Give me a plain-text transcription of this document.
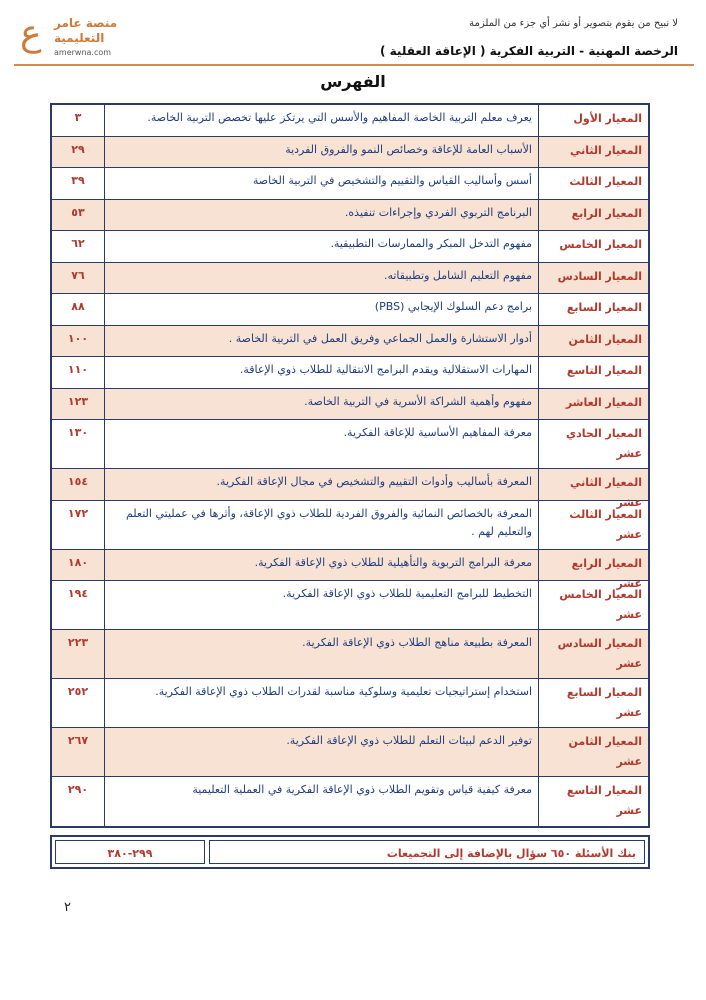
ع منصة عامر
التعليمية
amerwna.com
لا نبيح من يقوم بتصوير أو نشر أي جزء من الملزمة
الرخصة المهنية - التربية الفكرية ( الإعاقة العقلية )
الفهرس
المعيار الأول
يعرف معلم التربية الخاصة المفاهيم والأسس التي يرتكز عليها تخصص التربية الخاصة.
٣
المعيار الثاني
الأسباب العامة للإعاقة وخصائص النمو والفروق الفردية
٢٩
المعيار الثالث
أسس وأساليب القياس والتقييم والتشخيص في التربية الخاصة
٣٩
المعيار الرابع
البرنامج التربوي الفردي وإجراءات تنفيذه.
٥٣
المعيار الخامس
مفهوم التدخل المبكر والممارسات التطبيقية.
٦٢
المعيار السادس
مفهوم التعليم الشامل وتطبيقاته.
٧٦
المعيار السابع
برامج دعم السلوك الإيجابي (PBS)
٨٨
المعيار الثامن
أدوار الاستشارة والعمل الجماعي وفريق العمل في التربية الخاصة .
١٠٠
المعيار التاسع
المهارات الاستقلالية ويقدم البرامج الانتقالية للطلاب ذوي الإعاقة.
١١٠
المعيار العاشر
مفهوم وأهمية الشراكة الأسرية في التربية الخاصة.
١٢٣
المعيار الحادي عشر
معرفة المفاهيم الأساسية للإعاقة الفكرية.
١٣٠
المعيار الثاني عشر
المعرفة بأساليب وأدوات التقييم والتشخيص في مجال الإعاقة الفكرية.
١٥٤
المعيار الثالث عشر
المعرفة بالخصائص النمائية والفروق الفردية للطلاب ذوي الإعاقة، وأثرها في عمليتي التعلم والتعليم لهم .
١٧٢
المعيار الرابع عشر
معرفة البرامج التربوية والتأهيلية للطلاب ذوي الإعاقة الفكرية.
١٨٠
المعيار الخامس عشر
التخطيط للبرامج التعليمية للطلاب ذوي الإعاقة الفكرية.
١٩٤
المعيار السادس عشر
المعرفة بطبيعة مناهج الطلاب ذوي الإعاقة الفكرية.
٢٢٣
المعيار السابع عشر
استخدام إستراتيجيات تعليمية وسلوكية مناسبة لقدرات الطلاب ذوي الإعاقة الفكرية.
٢٥٢
المعيار الثامن عشر
توفير الدعم لبيئات التعلم للطلاب ذوي الإعاقة الفكرية.
٢٦٧
المعيار التاسع عشر
معرفة كيفية قياس وتقويم الطلاب ذوي الإعاقة الفكرية في العملية التعليمية
٢٩٠
بنك الأسئلة ٦٥٠ سؤال بالإضافة إلى التجميعات
٢٩٩-٣٨٠
٢
